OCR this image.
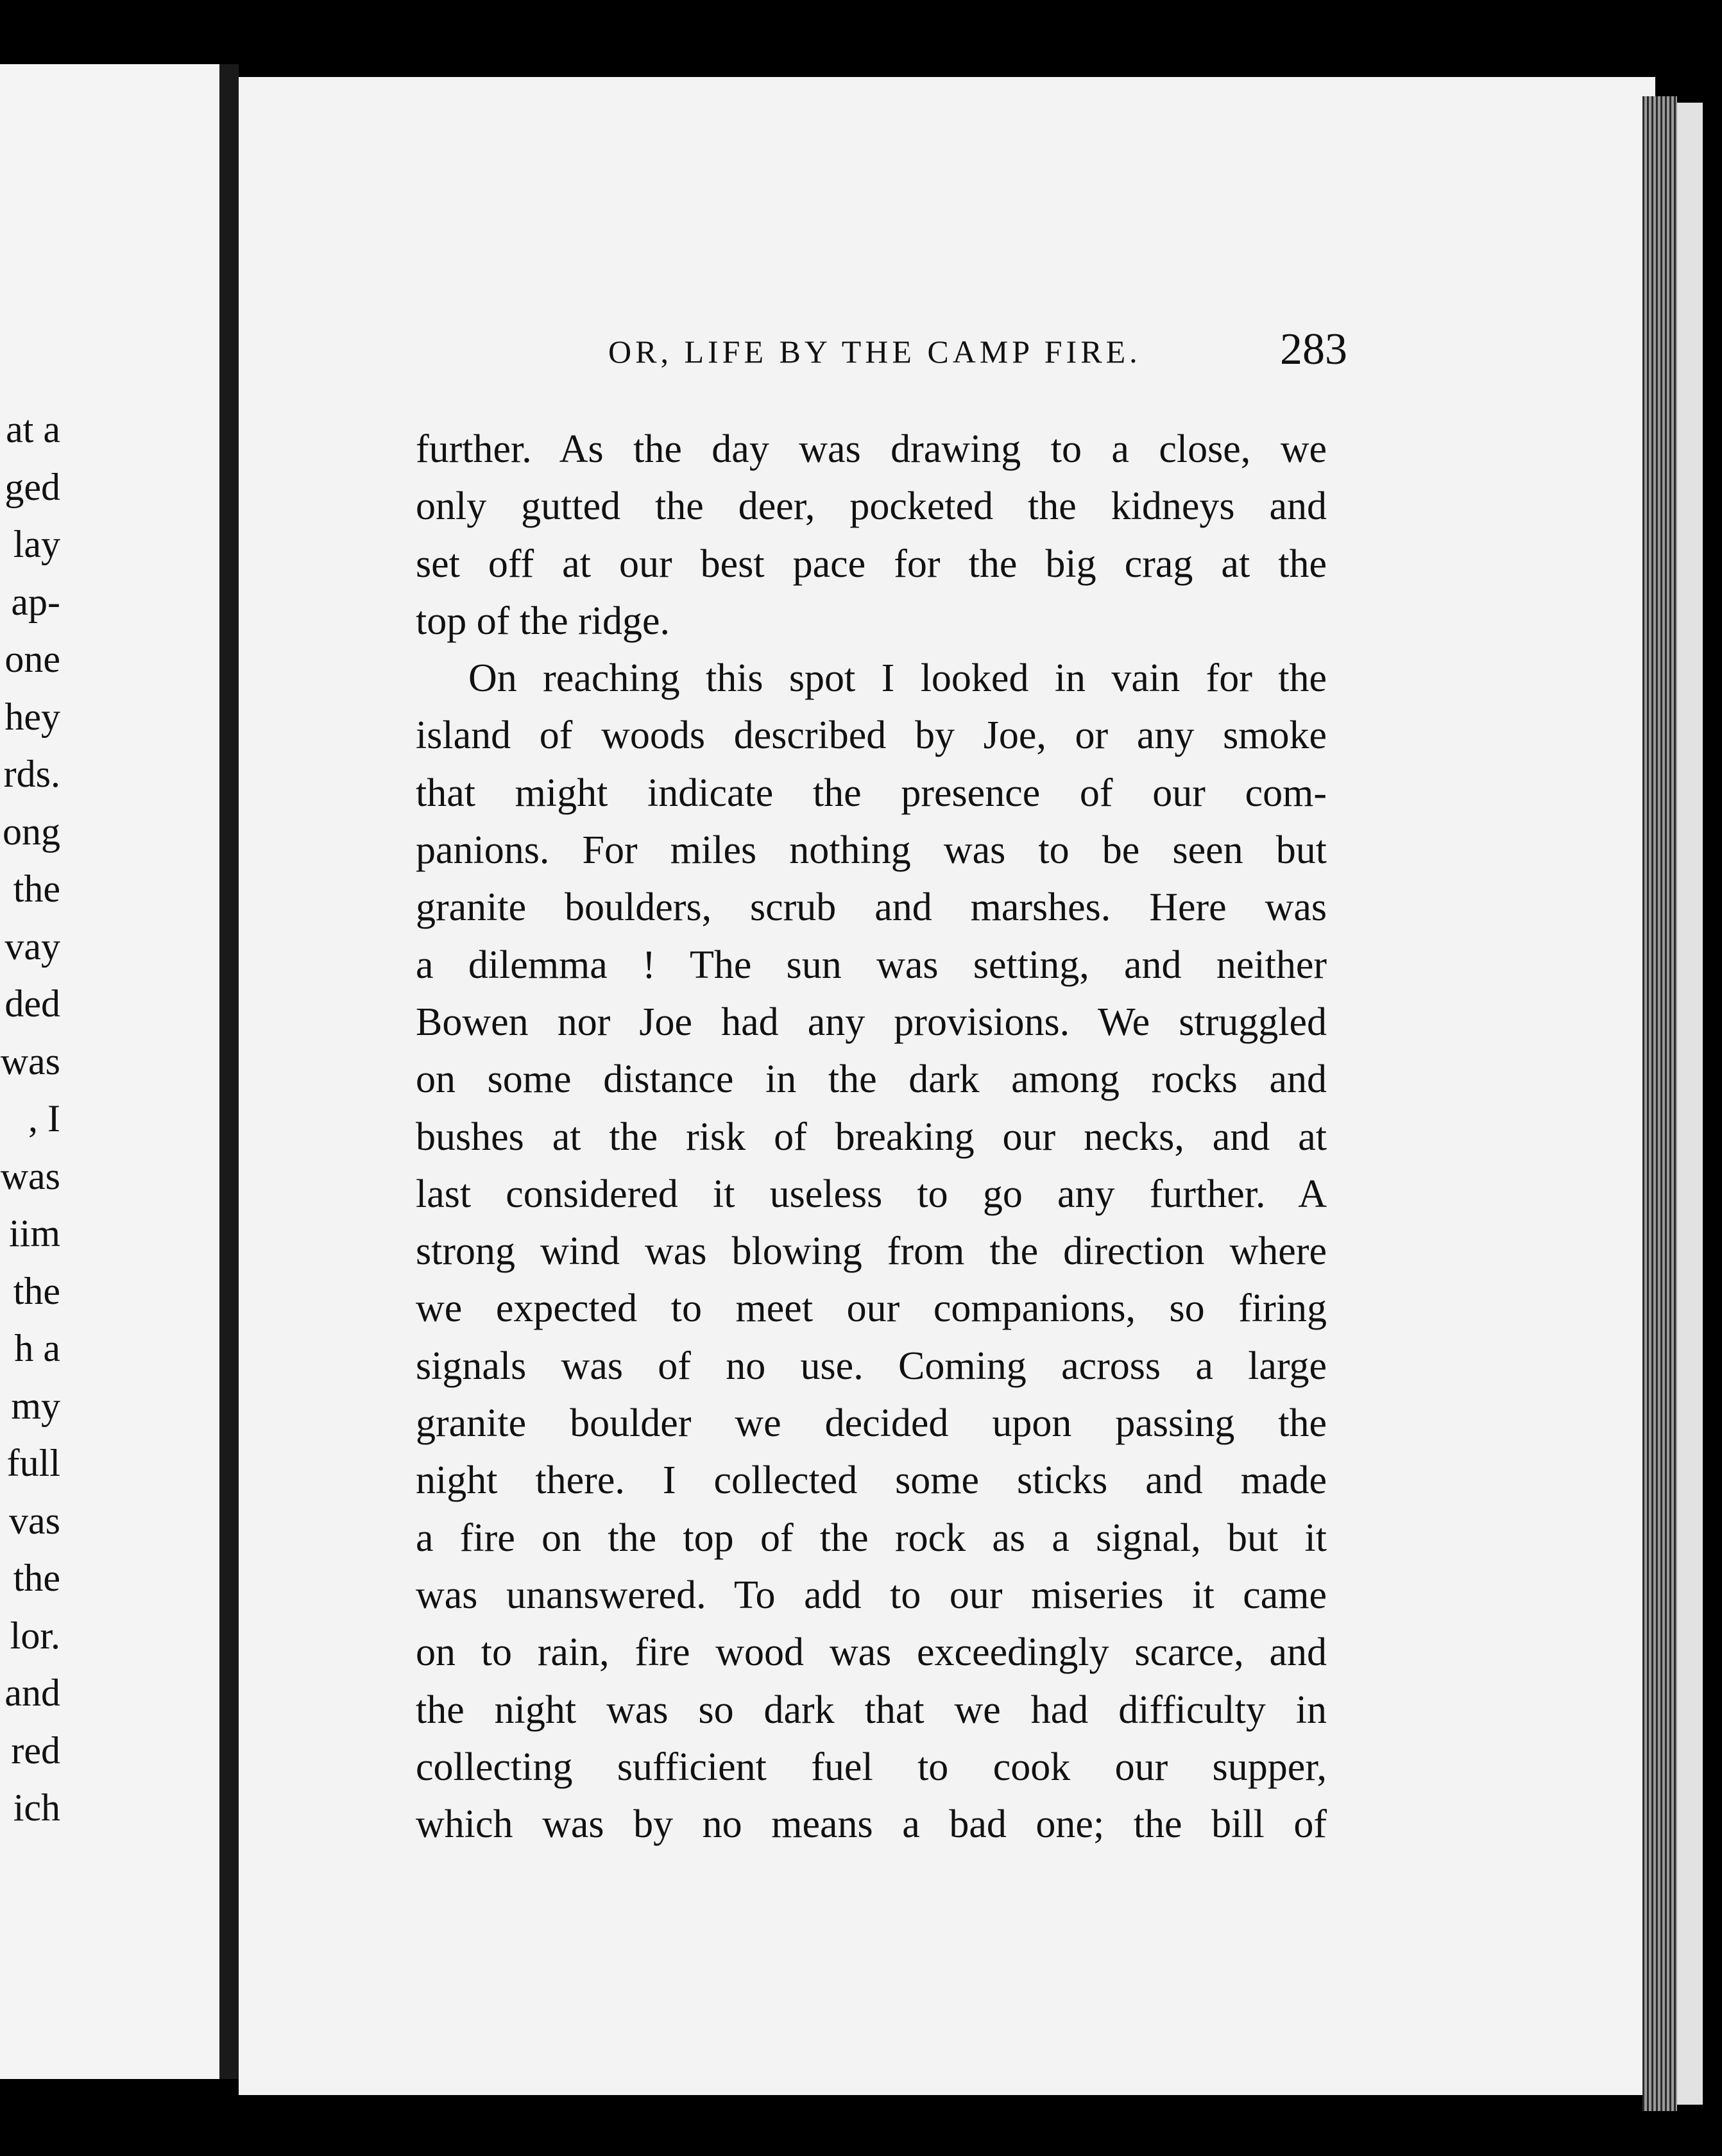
at a
ged
lay
ap-
one
hey
rds.
ong
the
vay
ded
was
, I
was
iim
the
h a
my
full
vas
the
lor.
and
red
ich
OR, LIFE BY THE CAMP FIRE.	283
further. As the day was drawing to a close, we
only gutted the deer, pocketed the kidneys and
set off at our best pace for the big crag at the
top of the ridge.
On reaching this spot I looked in vain for the
island of woods described by Joe, or any smoke
that might indicate the presence of our com-
panions. For miles nothing was to be seen but
granite boulders, scrub and marshes. Here was
a dilemma ! The sun was setting, and neither
Bowen nor Joe had any provisions. We struggled
on some distance in the dark among rocks and
bushes at the risk of breaking our necks, and at
last considered it useless to go any further. A
strong wind was blowing from the direction where
we expected to meet our companions, so firing
signals was of no use. Coming across a large
granite boulder we decided upon passing the
night there. I collected some sticks and made
a fire on the top of the rock as a signal, but it
was unanswered. To add to our miseries it came
on to rain, fire wood was exceedingly scarce, and
the night was so dark that we had difficulty in
collecting sufficient fuel to cook our supper,
which was by no means a bad one; the bill of
